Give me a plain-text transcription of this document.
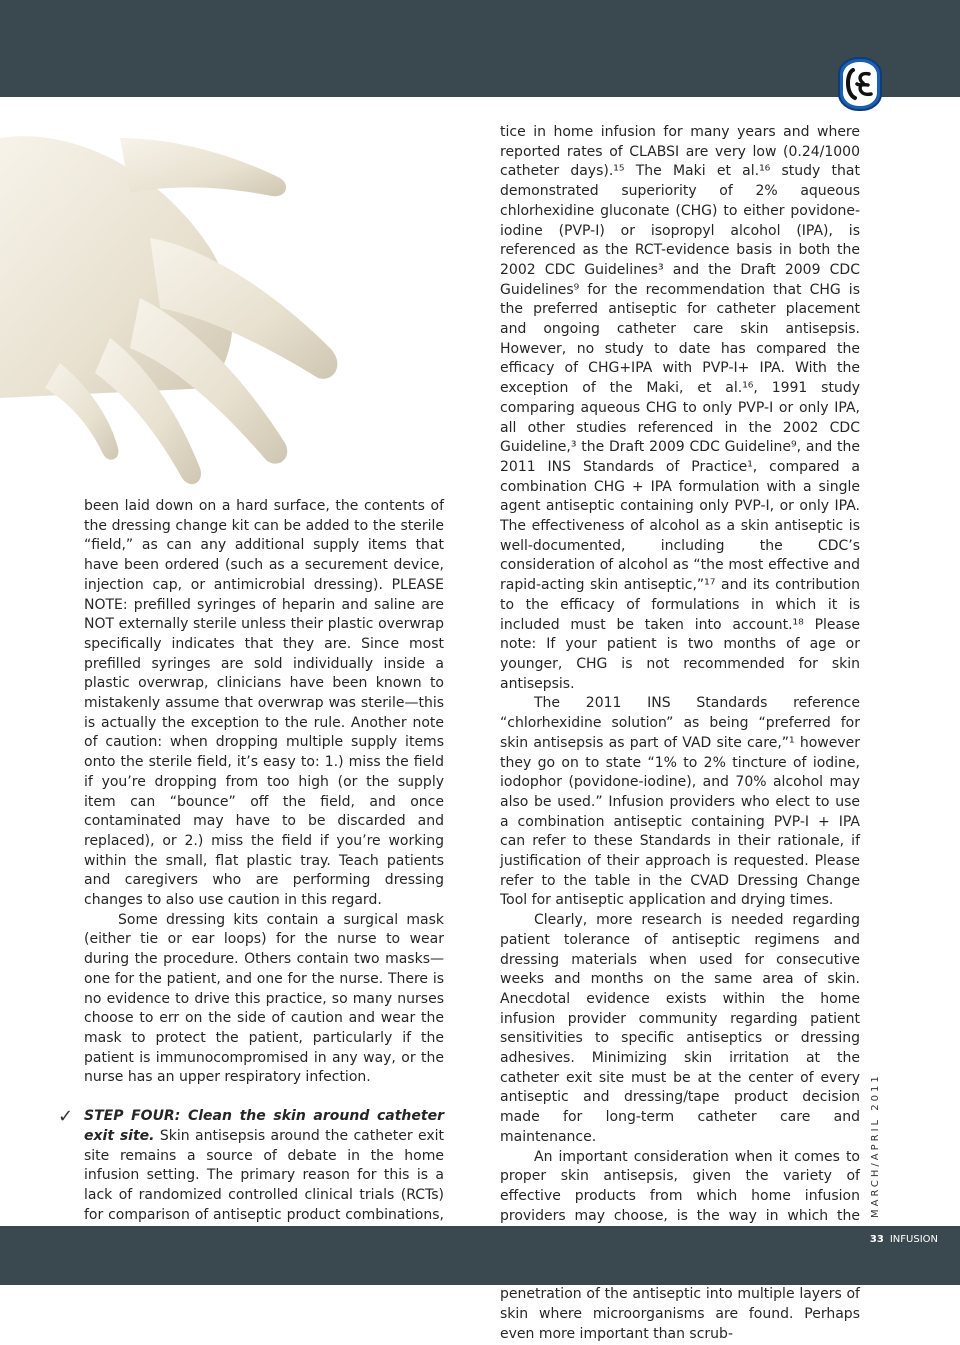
been laid down on a hard surface, the contents of the dressing change kit can be added to the sterile “field,” as can any additional supply items that have been ordered (such as a securement device, injection cap, or antimicrobial dressing). PLEASE NOTE: prefilled syringes of heparin and saline are NOT externally sterile unless their plastic overwrap specifically indicates that they are. Since most prefilled syringes are sold individually inside a plastic overwrap, clinicians have been known to mistakenly assume that overwrap was sterile—this is actually the exception to the rule. Another note of caution: when dropping multiple supply items onto the sterile field, it’s easy to: 1.) miss the field if you’re dropping from too high (or the supply item can “bounce” off the field, and once contaminated may have to be discarded and replaced), or 2.) miss the field if you’re working within the small, flat plastic tray. Teach patients and caregivers who are performing dressing changes to also use caution in this regard.

Some dressing kits contain a surgical mask (either tie or ear loops) for the nurse to wear during the procedure. Others contain two masks—one for the patient, and one for the nurse. There is no evidence to drive this practice, so many nurses choose to err on the side of caution and wear the mask to protect the patient, particularly if the patient is immunocompromised in any way, or the nurse has an upper respiratory infection.

✓ STEP FOUR: Clean the skin around catheter exit site. Skin antisepsis around the catheter exit site remains a source of debate in the home infusion setting. The primary reason for this is a lack of randomized controlled clinical trials (RCTs) for comparison of antiseptic product combinations,

tice in home infusion for many years and where reported rates of CLABSI are very low (0.24/1000 catheter days).¹⁵ The Maki et al.¹⁶ study that demonstrated superiority of 2% aqueous chlorhexidine gluconate (CHG) to either povidone-iodine (PVP-I) or isopropyl alcohol (IPA), is referenced as the RCT-evidence basis in both the 2002 CDC Guidelines³ and the Draft 2009 CDC Guidelines⁹ for the recommendation that CHG is the preferred antiseptic for catheter placement and ongoing catheter care skin antisepsis. However, no study to date has compared the efficacy of CHG+IPA with PVP-I+ IPA. With the exception of the Maki, et al.¹⁶, 1991 study comparing aqueous CHG to only PVP-I or only IPA, all other studies referenced in the 2002 CDC Guideline,³ the Draft 2009 CDC Guideline⁹, and the 2011 INS Standards of Practice¹, compared a combination CHG + IPA formulation with a single agent antiseptic containing only PVP-I, or only IPA. The effectiveness of alcohol as a skin antiseptic is well-documented, including the CDC’s consideration of alcohol as “the most effective and rapid-acting skin antiseptic,”¹⁷ and its contribution to the efficacy of formulations in which it is included must be taken into account.¹⁸ Please note: If your patient is two months of age or younger, CHG is not recommended for skin antisepsis.

The 2011 INS Standards reference “chlorhexidine solution” as being “preferred for skin antisepsis as part of VAD site care,”¹ however they go on to state “1% to 2% tincture of iodine, iodophor (povidone-iodine), and 70% alcohol may also be used.” Infusion providers who elect to use a combination antiseptic containing PVP-I + IPA can refer to these Standards in their rationale, if justification of their approach is requested. Please refer to the table in the CVAD Dressing Change Tool for antiseptic application and drying times.

Clearly, more research is needed regarding patient tolerance of antiseptic regimens and dressing materials when used for consecutive weeks and months on the same area of skin. Anecdotal evidence exists within the home infusion provider community regarding patient sensitivities to specific antiseptics or dressing adhesives. Minimizing skin irritation at the catheter exit site must be at the center of every antiseptic and dressing/tape product decision made for long-term catheter care and maintenance.

An important consideration when it comes to proper skin antisepsis, given the variety of effective products from which home infusion providers may choose, is the way in which the penetration of the antiseptic into multiple layers of skin where microorganisms are found. Perhaps even more important than scrub-

MARCH/APRIL 2011
33 INFUSION
